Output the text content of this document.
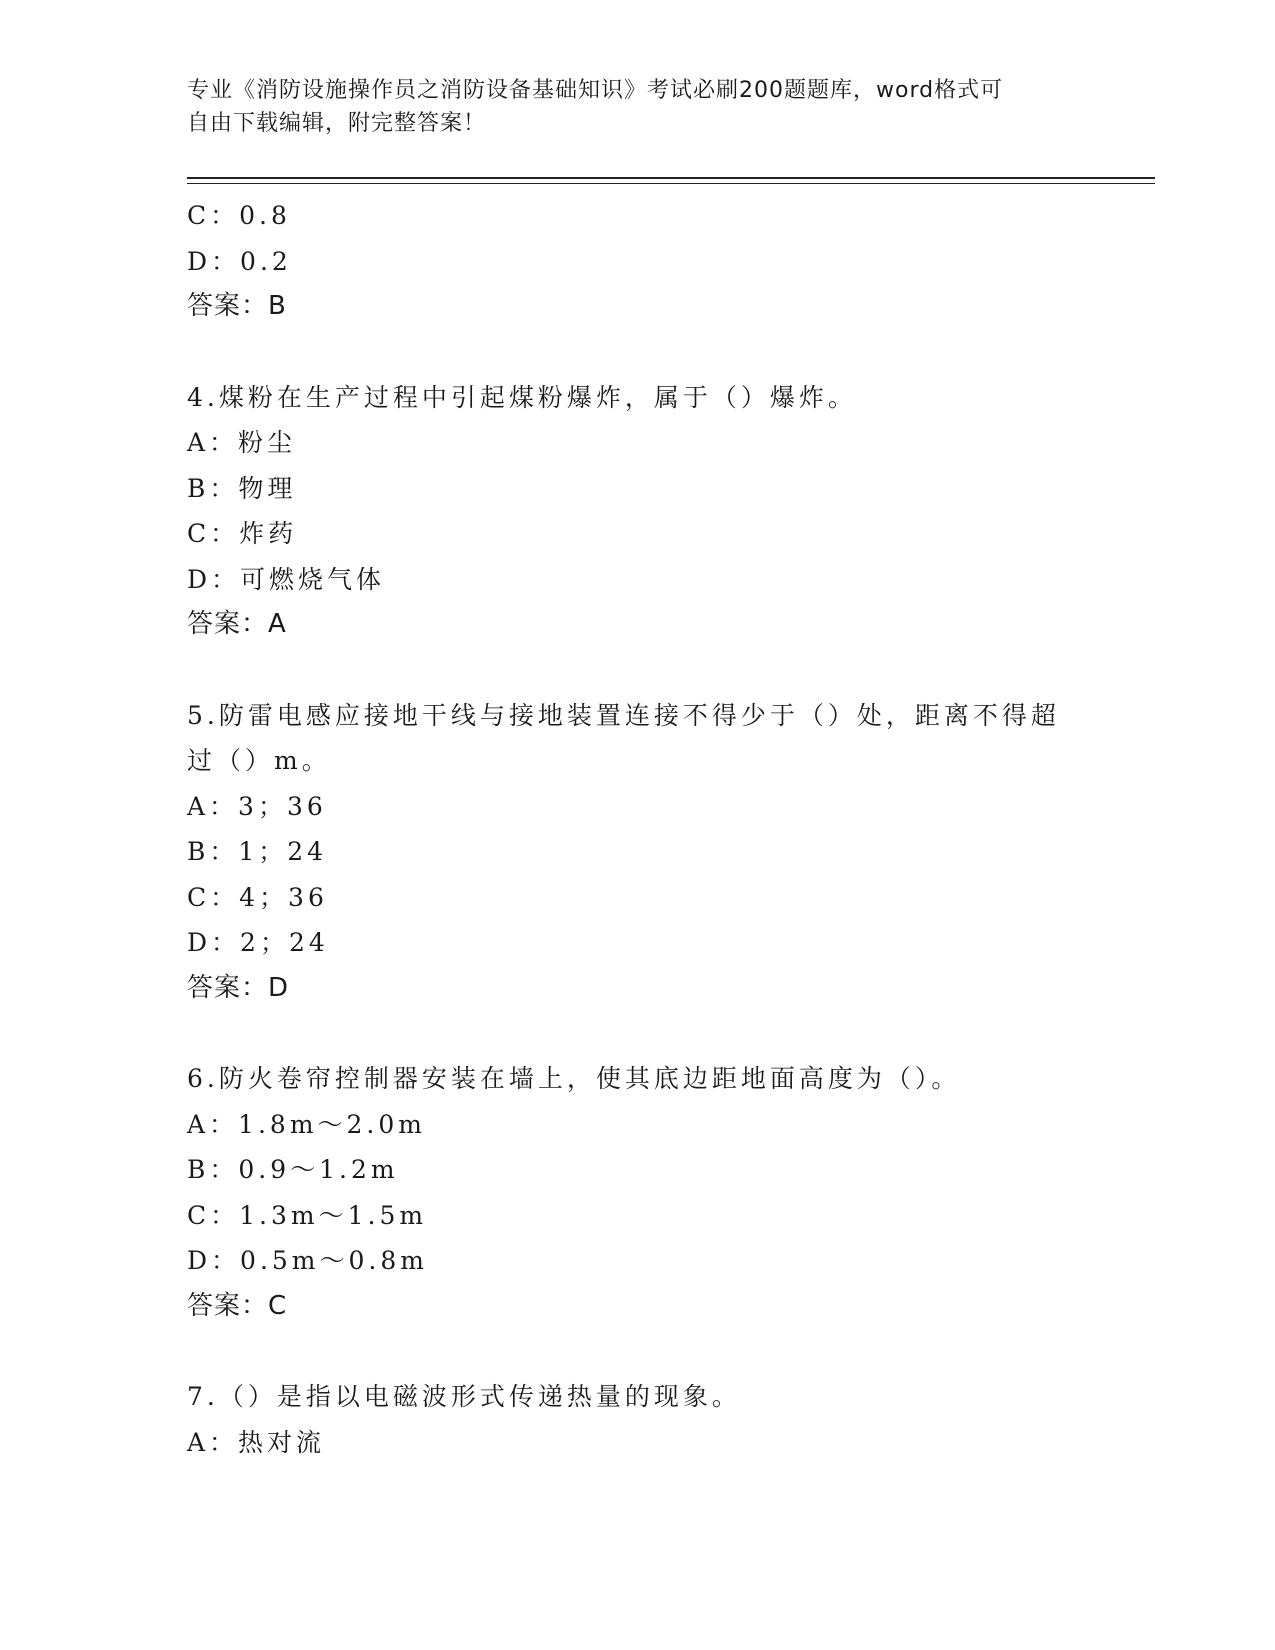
专业《消防设施操作员之消防设备基础知识》考试必刷200题题库，word格式可
自由下载编辑，附完整答案！
C：0.8
D：0.2
答案：B
4.煤粉在生产过程中引起煤粉爆炸，属于（）爆炸。
A：粉尘
B：物理
C：炸药
D：可燃烧气体
答案：A
5.防雷电感应接地干线与接地装置连接不得少于（）处，距离不得超
过（）m。
A：3；36
B：1；24
C：4；36
D：2；24
答案：D
6.防火卷帘控制器安装在墙上，使其底边距地面高度为（）。
A：1.8m～2.0m
B：0.9～1.2m
C：1.3m～1.5m
D：0.5m～0.8m
答案：C
7.（）是指以电磁波形式传递热量的现象。
A：热对流
